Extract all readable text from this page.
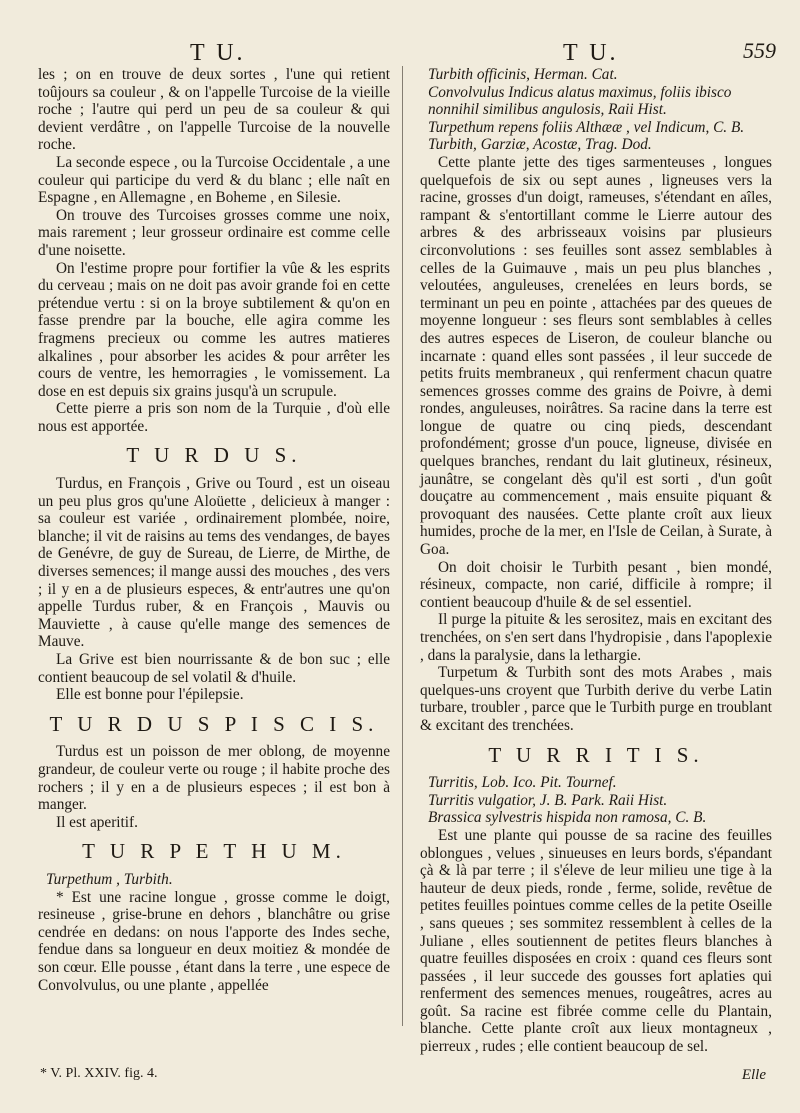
T U.	T U.	559

les ; on en trouve de deux sortes , l'une qui retient toûjours sa couleur , & on l'appelle Turcoise de la vieille roche ; l'autre qui perd un peu de sa couleur & qui devient verdâtre , on l'appelle Turcoise de la nouvelle roche.

La seconde espece , ou la Turcoise Occidentale , a une couleur qui participe du verd & du blanc ; elle naît en Espagne , en Allemagne , en Boheme , en Silesie.

On trouve des Turcoises grosses comme une noix, mais rarement ; leur grosseur ordinaire est comme celle d'une noisette.

On l'estime propre pour fortifier la vûe & les esprits du cerveau ; mais on ne doit pas avoir grande foi en cette prétendue vertu : si on la broye subtilement & qu'on en fasse prendre par la bouche, elle agira comme les fragmens precieux ou comme les autres matieres alkalines , pour absorber les acides & pour arrêter les cours de ventre, les hemorragies , le vomissement. La dose en est depuis six grains jusqu'à un scrupule.

Cette pierre a pris son nom de la Turquie , d'où elle nous est apportée.

T U R D U S.

Turdus, en François , Grive ou Tourd , est un oiseau un peu plus gros qu'une Aloüette , delicieux à manger : sa couleur est variée , ordinairement plombée, noire, blanche; il vit de raisins au tems des vendanges, de bayes de Genévre, de guy de Sureau, de Lierre, de Mirthe, de diverses semences; il mange aussi des mouches , des vers ; il y en a de plusieurs especes, & entr'autres une qu'on appelle Turdus ruber, & en François , Mauvis ou Mauviette , à cause qu'elle mange des semences de Mauve.

La Grive est bien nourrissante & de bon suc ; elle contient beaucoup de sel volatil & d'huile.

Elle est bonne pour l'épilepsie.

T U R D U S P I S C I S.

Turdus est un poisson de mer oblong, de moyenne grandeur, de couleur verte ou rouge ; il habite proche des rochers ; il y en a de plusieurs especes ; il est bon à manger.

Il est aperitif.

T U R P E T H U M.

Turpethum , Turbith.

* Est une racine longue , grosse comme le doigt, resineuse , grise-brune en dehors , blanchâtre ou grise cendrée en dedans: on nous l'apporte des Indes seche, fendue dans sa longueur en deux moitiez & mondée de son cœur. Elle pousse , étant dans la terre , une espece de Convolvulus, ou une plante , appellée

Turbith officinis, Herman. Cat.

Convolvulus Indicus alatus maximus, foliis ibisco nonnihil similibus angulosis, Raii Hist.

Turpethum repens foliis Althææ , vel Indicum, C. B.

Turbith, Garziæ, Acostæ, Trag. Dod.

Cette plante jette des tiges sarmenteuses , longues quelquefois de six ou sept aunes , ligneuses vers la racine, grosses d'un doigt, rameuses, s'étendant en aîles, rampant & s'entortillant comme le Lierre autour des arbres & des arbrisseaux voisins par plusieurs circonvolutions : ses feuilles sont assez semblables à celles de la Guimauve , mais un peu plus blanches , veloutées, anguleuses, crenelées en leurs bords, se terminant un peu en pointe , attachées par des queues de moyenne longueur : ses fleurs sont semblables à celles des autres especes de Liseron, de couleur blanche ou incarnate : quand elles sont passées , il leur succede de petits fruits membraneux , qui renferment chacun quatre semences grosses comme des grains de Poivre, à demi rondes, anguleuses, noirâtres. Sa racine dans la terre est longue de quatre ou cinq pieds, descendant profondément; grosse d'un pouce, ligneuse, divisée en quelques branches, rendant du lait glutineux, résineux, jaunâtre, se congelant dès qu'il est sorti , d'un goût douçatre au commencement , mais ensuite piquant & provoquant des nausées. Cette plante croît aux lieux humides, proche de la mer, en l'Isle de Ceilan, à Surate, à Goa.

On doit choisir le Turbith pesant , bien mondé, résineux, compacte, non carié, difficile à rompre; il contient beaucoup d'huile & de sel essentiel.

Il purge la pituite & les serositez, mais en excitant des trenchées, on s'en sert dans l'hydropisie , dans l'apoplexie , dans la paralysie, dans la lethargie.

Turpetum & Turbith sont des mots Arabes , mais quelques-uns croyent que Turbith derive du verbe Latin turbare, troubler , parce que le Turbith purge en troublant & excitant des trenchées.

T U R R I T I S.

Turritis, Lob. Ico. Pit. Tournef.

Turritis vulgatior, J. B. Park. Raii Hist.

Brassica sylvestris hispida non ramosa, C. B.

Est une plante qui pousse de sa racine des feuilles oblongues , velues , sinueuses en leurs bords, s'épandant çà & là par terre ; il s'éleve de leur milieu une tige à la hauteur de deux pieds, ronde , ferme, solide, revêtue de petites feuilles pointues comme celles de la petite Oseille , sans queues ; ses sommitez ressemblent à celles de la Juliane , elles soutiennent de petites fleurs blanches à quatre feuilles disposées en croix : quand ces fleurs sont passées , il leur succede des gousses fort aplaties qui renferment des semences menues, rougeâtres, acres au goût. Sa racine est fibrée comme celle du Plantain, blanche. Cette plante croît aux lieux montagneux , pierreux , rudes ; elle contient beaucoup de sel.

* V. Pl. XXIV. fig. 4.	Elle
